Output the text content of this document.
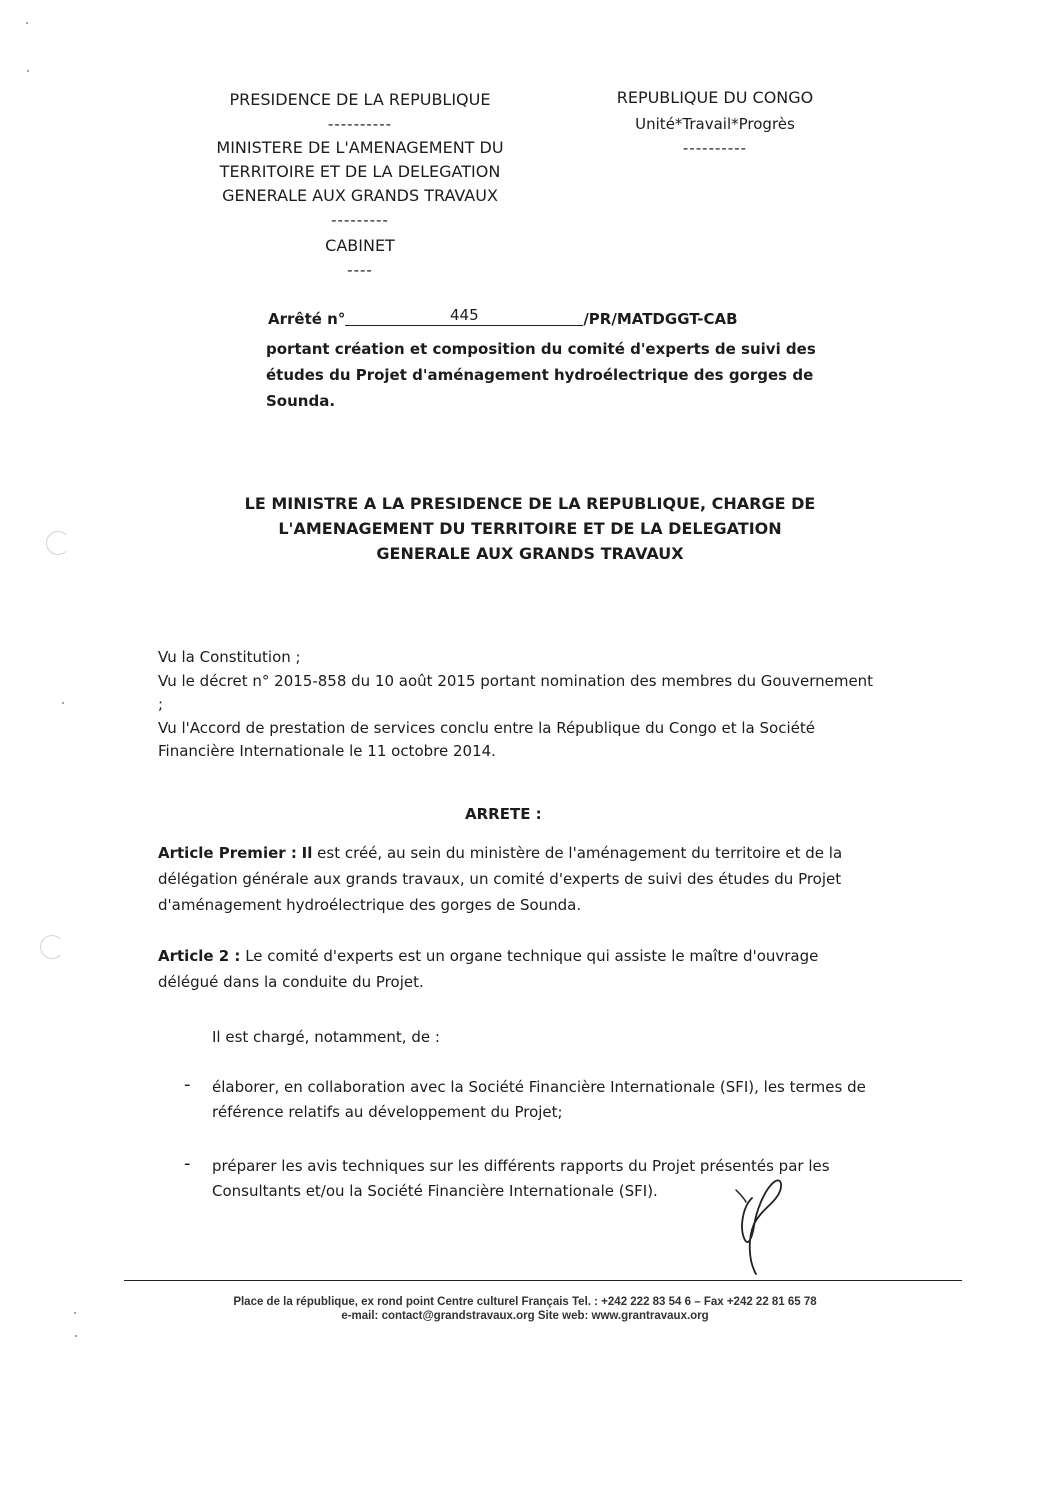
PRESIDENCE DE LA REPUBLIQUE
----------
MINISTERE DE L'AMENAGEMENT DU
TERRITOIRE ET DE LA DELEGATION
GENERALE AUX GRANDS TRAVAUX
---------
CABINET
----
REPUBLIQUE DU CONGO
Unité*Travail*Progrès
----------
Arrêté n°	445	/PR/MATDGGT-CAB
portant création et composition du comité d'experts de suivi des études du Projet d'aménagement hydroélectrique des gorges de Sounda.
LE MINISTRE A LA PRESIDENCE DE LA REPUBLIQUE, CHARGE DE
L'AMENAGEMENT DU TERRITOIRE ET DE LA DELEGATION
GENERALE AUX GRANDS TRAVAUX
Vu la Constitution ;
Vu le décret n° 2015-858 du 10 août 2015 portant nomination des membres du Gouvernement ;
Vu l'Accord de prestation de services conclu entre la République du Congo et la Société Financière Internationale le 11 octobre 2014.
ARRETE :
Article Premier : Il est créé, au sein du ministère de l'aménagement du territoire et de la délégation générale aux grands travaux, un comité d'experts de suivi des études du Projet d'aménagement hydroélectrique des gorges de Sounda.
Article 2 : Le comité d'experts est un organe technique qui assiste le maître d'ouvrage délégué dans la conduite du Projet.
Il est chargé, notamment, de :
- élaborer, en collaboration avec la Société Financière Internationale (SFI), les termes de référence relatifs au développement du Projet;
- préparer les avis techniques sur les différents rapports du Projet présentés par les Consultants et/ou la Société Financière Internationale (SFI).
Place de la république, ex rond point Centre culturel Français Tel. : +242 222 83 54 6 – Fax +242 22 81 65 78
e-mail: contact@grandstravaux.org Site web: www.grantravaux.org
